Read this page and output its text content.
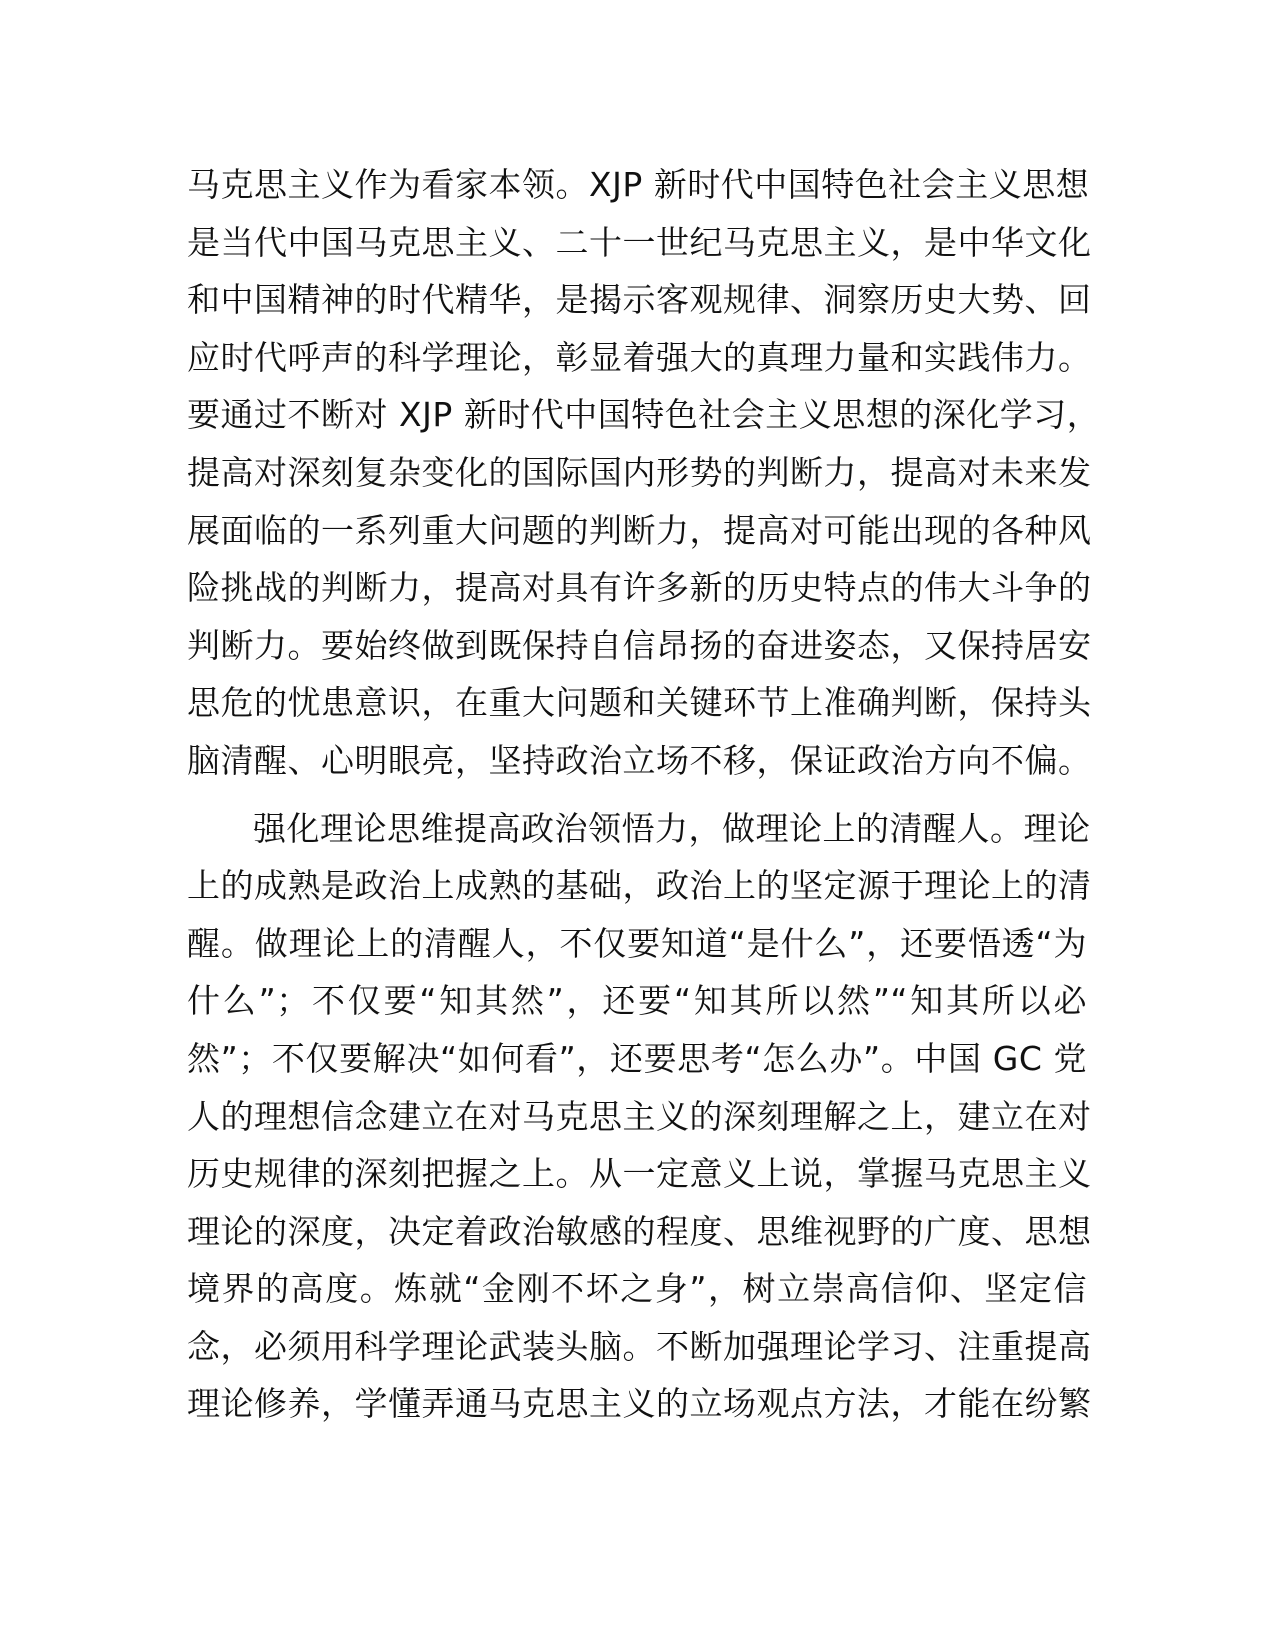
马克思主义作为看家本领。XJP 新时代中国特色社会主义思想
是当代中国马克思主义、二十一世纪马克思主义，是中华文化
和中国精神的时代精华，是揭示客观规律、洞察历史大势、回
应时代呼声的科学理论，彰显着强大的真理力量和实践伟力。
要通过不断对 XJP 新时代中国特色社会主义思想的深化学习，
提高对深刻复杂变化的国际国内形势的判断力，提高对未来发
展面临的一系列重大问题的判断力，提高对可能出现的各种风
险挑战的判断力，提高对具有许多新的历史特点的伟大斗争的
判断力。要始终做到既保持自信昂扬的奋进姿态，又保持居安
思危的忧患意识，在重大问题和关键环节上准确判断，保持头
脑清醒、心明眼亮，坚持政治立场不移，保证政治方向不偏。
强化理论思维提高政治领悟力，做理论上的清醒人。理论
上的成熟是政治上成熟的基础，政治上的坚定源于理论上的清
醒。做理论上的清醒人，不仅要知道“是什么”，还要悟透“为
什么”；不仅要“知其然”，还要“知其所以然”“知其所以必
然”；不仅要解决“如何看”，还要思考“怎么办”。中国 GC 党
人的理想信念建立在对马克思主义的深刻理解之上，建立在对
历史规律的深刻把握之上。从一定意义上说，掌握马克思主义
理论的深度，决定着政治敏感的程度、思维视野的广度、思想
境界的高度。炼就“金刚不坏之身”，树立崇高信仰、坚定信
念，必须用科学理论武装头脑。不断加强理论学习、注重提高
理论修养，学懂弄通马克思主义的立场观点方法，才能在纷繁
